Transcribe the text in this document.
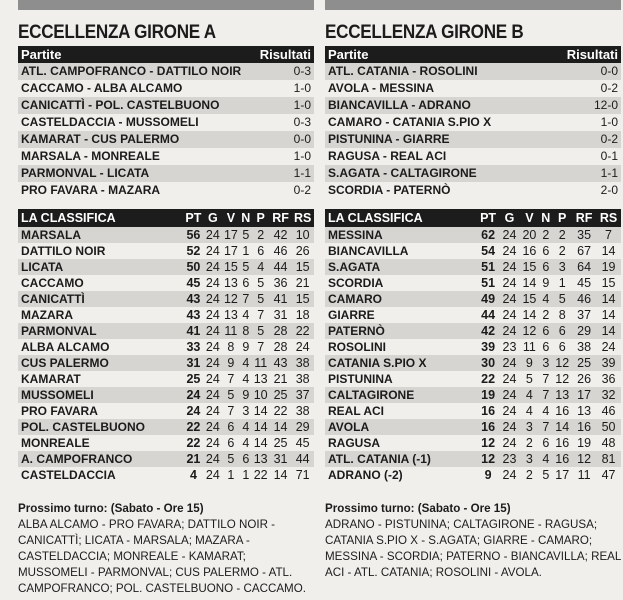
ECCELLENZA GIRONE A
Partite	Risultati
ATL. CAMPOFRANCO - DATTILO NOIR	0-3
CACCAMO - ALBA ALCAMO	1-0
CANICATTÌ - POL. CASTELBUONO	1-0
CASTELDACCIA - MUSSOMELI	0-3
KAMARAT - CUS PALERMO	0-0
MARSALA - MONREALE	1-0
PARMONVAL - LICATA	1-1
PRO FAVARA - MAZARA	0-2
LA CLASSIFICA	PT	G	V	N	P	RF	RS
MARSALA	56	24	17	5	2	42	10
DATTILO NOIR	52	24	17	1	6	46	26
LICATA	50	24	15	5	4	44	15
CACCAMO	45	24	13	6	5	36	21
CANICATTÌ	43	24	12	7	5	41	15
MAZARA	43	24	13	4	7	31	18
PARMONVAL	41	24	11	8	5	28	22
ALBA ALCAMO	33	24	8	9	7	28	24
CUS PALERMO	31	24	9	4	11	43	38
KAMARAT	25	24	7	4	13	21	38
MUSSOMELI	24	24	5	9	10	25	37
PRO FAVARA	24	24	7	3	14	22	38
POL. CASTELBUONO	22	24	6	4	14	14	29
MONREALE	22	24	6	4	14	25	45
A. CAMPOFRANCO	21	24	5	6	13	31	44
CASTELDACCIA	4	24	1	1	22	14	71
Prossimo turno: (Sabato - Ore 15)
ALBA ALCAMO - PRO FAVARA; DATTILO NOIR - CANICATTÌ; LICATA - MARSALA; MAZARA - CASTELDACCIA; MONREALE - KAMARAT; MUSSOMELI - PARMONVAL; CUS PALERMO - ATL. CAMPOFRANCO; POL. CASTELBUONO - CACCAMO.
ECCELLENZA GIRONE B
Partite	Risultati
ATL. CATANIA - ROSOLINI	0-0
AVOLA - MESSINA	0-2
BIANCAVILLA - ADRANO	12-0
CAMARO - CATANIA S.PIO X	1-0
PISTUNINA - GIARRE	0-2
RAGUSA - REAL ACI	0-1
S.AGATA - CALTAGIRONE	1-1
SCORDIA - PATERNÒ	2-0
LA CLASSIFICA	PT	G	V	N	P	RF	RS
MESSINA	62	24	20	2	2	35	7
BIANCAVILLA	54	24	16	6	2	67	14
S.AGATA	51	24	15	6	3	64	19
SCORDIA	51	24	14	9	1	45	15
CAMARO	49	24	15	4	5	46	14
GIARRE	44	24	14	2	8	37	14
PATERNÒ	42	24	12	6	6	29	14
ROSOLINI	39	23	11	6	6	38	24
CATANIA S.PIO X	30	24	9	3	12	25	39
PISTUNINA	22	24	5	7	12	26	36
CALTAGIRONE	19	24	4	7	13	17	32
REAL ACI	16	24	4	4	16	13	46
AVOLA	16	24	3	7	14	16	50
RAGUSA	12	24	2	6	16	19	48
ATL. CATANIA (-1)	12	23	3	4	16	12	81
ADRANO (-2)	9	24	2	5	17	11	47
Prossimo turno: (Sabato - Ore 15)
ADRANO - PISTUNINA; CALTAGIRONE - RAGUSA; CATANIA S.PIO X - S.AGATA; GIARRE - CAMARO; MESSINA - SCORDIA; PATERNO - BIANCAVILLA; REAL ACI - ATL. CATANIA; ROSOLINI - AVOLA.
